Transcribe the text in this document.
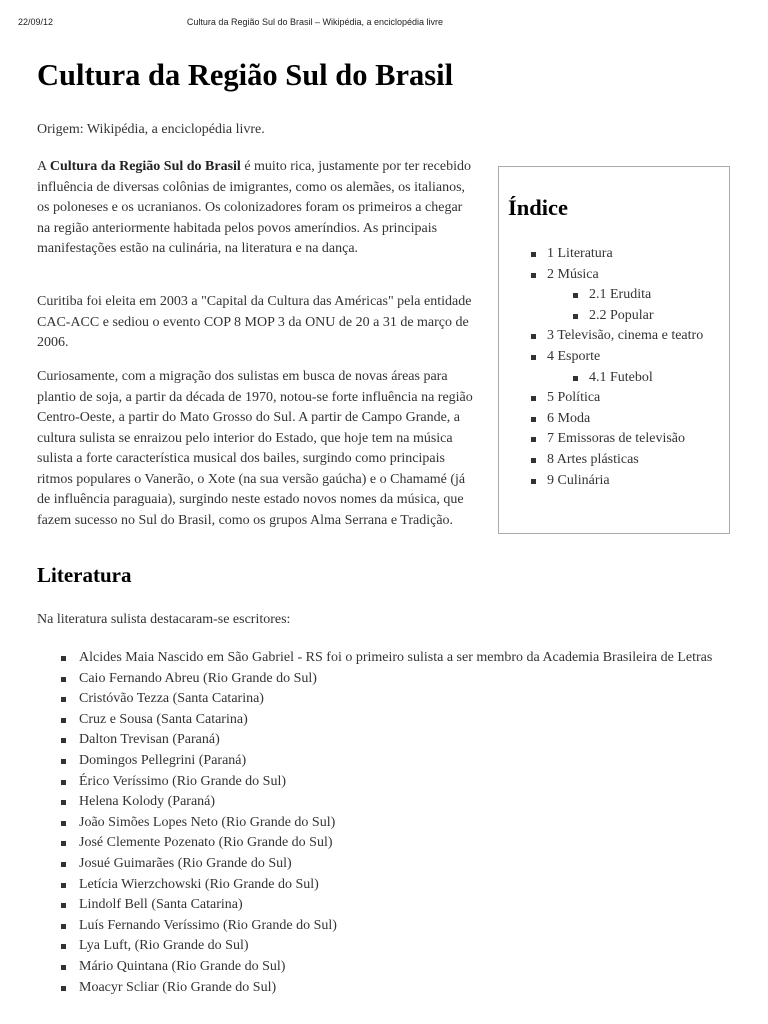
22/09/12	Cultura da Região Sul do Brasil – Wikipédia, a enciclopédia livre
Cultura da Região Sul do Brasil

Origem: Wikipédia, a enciclopédia livre.

A Cultura da Região Sul do Brasil é muito rica, justamente por ter recebido influência de diversas colônias de imigrantes, como os alemães, os italianos, os poloneses e os ucranianos. Os colonizadores foram os primeiros a chegar na região anteriormente habitada pelos povos ameríndios. As principais manifestações estão na culinária, na literatura e na dança.

Curitiba foi eleita em 2003 a "Capital da Cultura das Américas" pela entidade CAC-ACC e sediou o evento COP 8 MOP 3 da ONU de 20 a 31 de março de 2006.

Curiosamente, com a migração dos sulistas em busca de novas áreas para plantio de soja, a partir da década de 1970, notou-se forte influência na região Centro-Oeste, a partir do Mato Grosso do Sul. A partir de Campo Grande, a cultura sulista se enraizou pelo interior do Estado, que hoje tem na música sulista a forte característica musical dos bailes, surgindo como principais ritmos populares o Vanerão, o Xote (na sua versão gaúcha) e o Chamamé (já de influência paraguaia), surgindo neste estado novos nomes da música, que fazem sucesso no Sul do Brasil, como os grupos Alma Serrana e Tradição.

Índice
1 Literatura
2 Música
2.1 Erudita
2.2 Popular
3 Televisão, cinema e teatro
4 Esporte
4.1 Futebol
5 Política
6 Moda
7 Emissoras de televisão
8 Artes plásticas
9 Culinária
Literatura

Na literatura sulista destacaram-se escritores:

Alcides Maia Nascido em São Gabriel - RS foi o primeiro sulista a ser membro da Academia Brasileira de Letras
Caio Fernando Abreu (Rio Grande do Sul)
Cristóvão Tezza (Santa Catarina)
Cruz e Sousa (Santa Catarina)
Dalton Trevisan (Paraná)
Domingos Pellegrini (Paraná)
Érico Veríssimo (Rio Grande do Sul)
Helena Kolody (Paraná)
João Simões Lopes Neto (Rio Grande do Sul)
José Clemente Pozenato (Rio Grande do Sul)
Josué Guimarães (Rio Grande do Sul)
Letícia Wierzchowski (Rio Grande do Sul)
Lindolf Bell (Santa Catarina)
Luís Fernando Veríssimo (Rio Grande do Sul)
Lya Luft, (Rio Grande do Sul)
Mário Quintana (Rio Grande do Sul)
Moacyr Scliar (Rio Grande do Sul)
